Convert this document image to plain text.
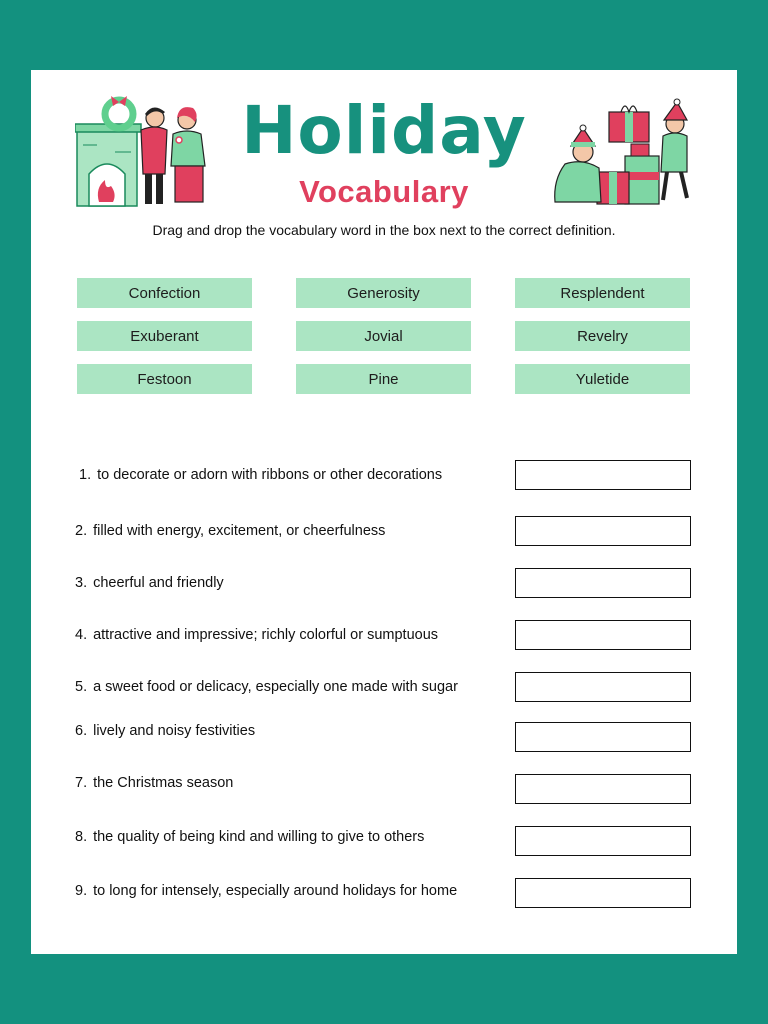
Holiday
Vocabulary
Drag and drop the vocabulary word in the box next to the correct definition.
Confection	Generosity	Resplendent
Exuberant	Jovial	Revelry
Festoon	Pine	Yuletide
1. to decorate or adorn with ribbons or other decorations
2. filled with energy, excitement, or cheerfulness
3. cheerful and friendly
4. attractive and impressive; richly colorful or sumptuous
5. a sweet food or delicacy, especially one made with sugar
6. lively and noisy festivities
7. the Christmas season
8. the quality of being kind and willing to give to others
9. to long for intensely, especially around holidays for home
